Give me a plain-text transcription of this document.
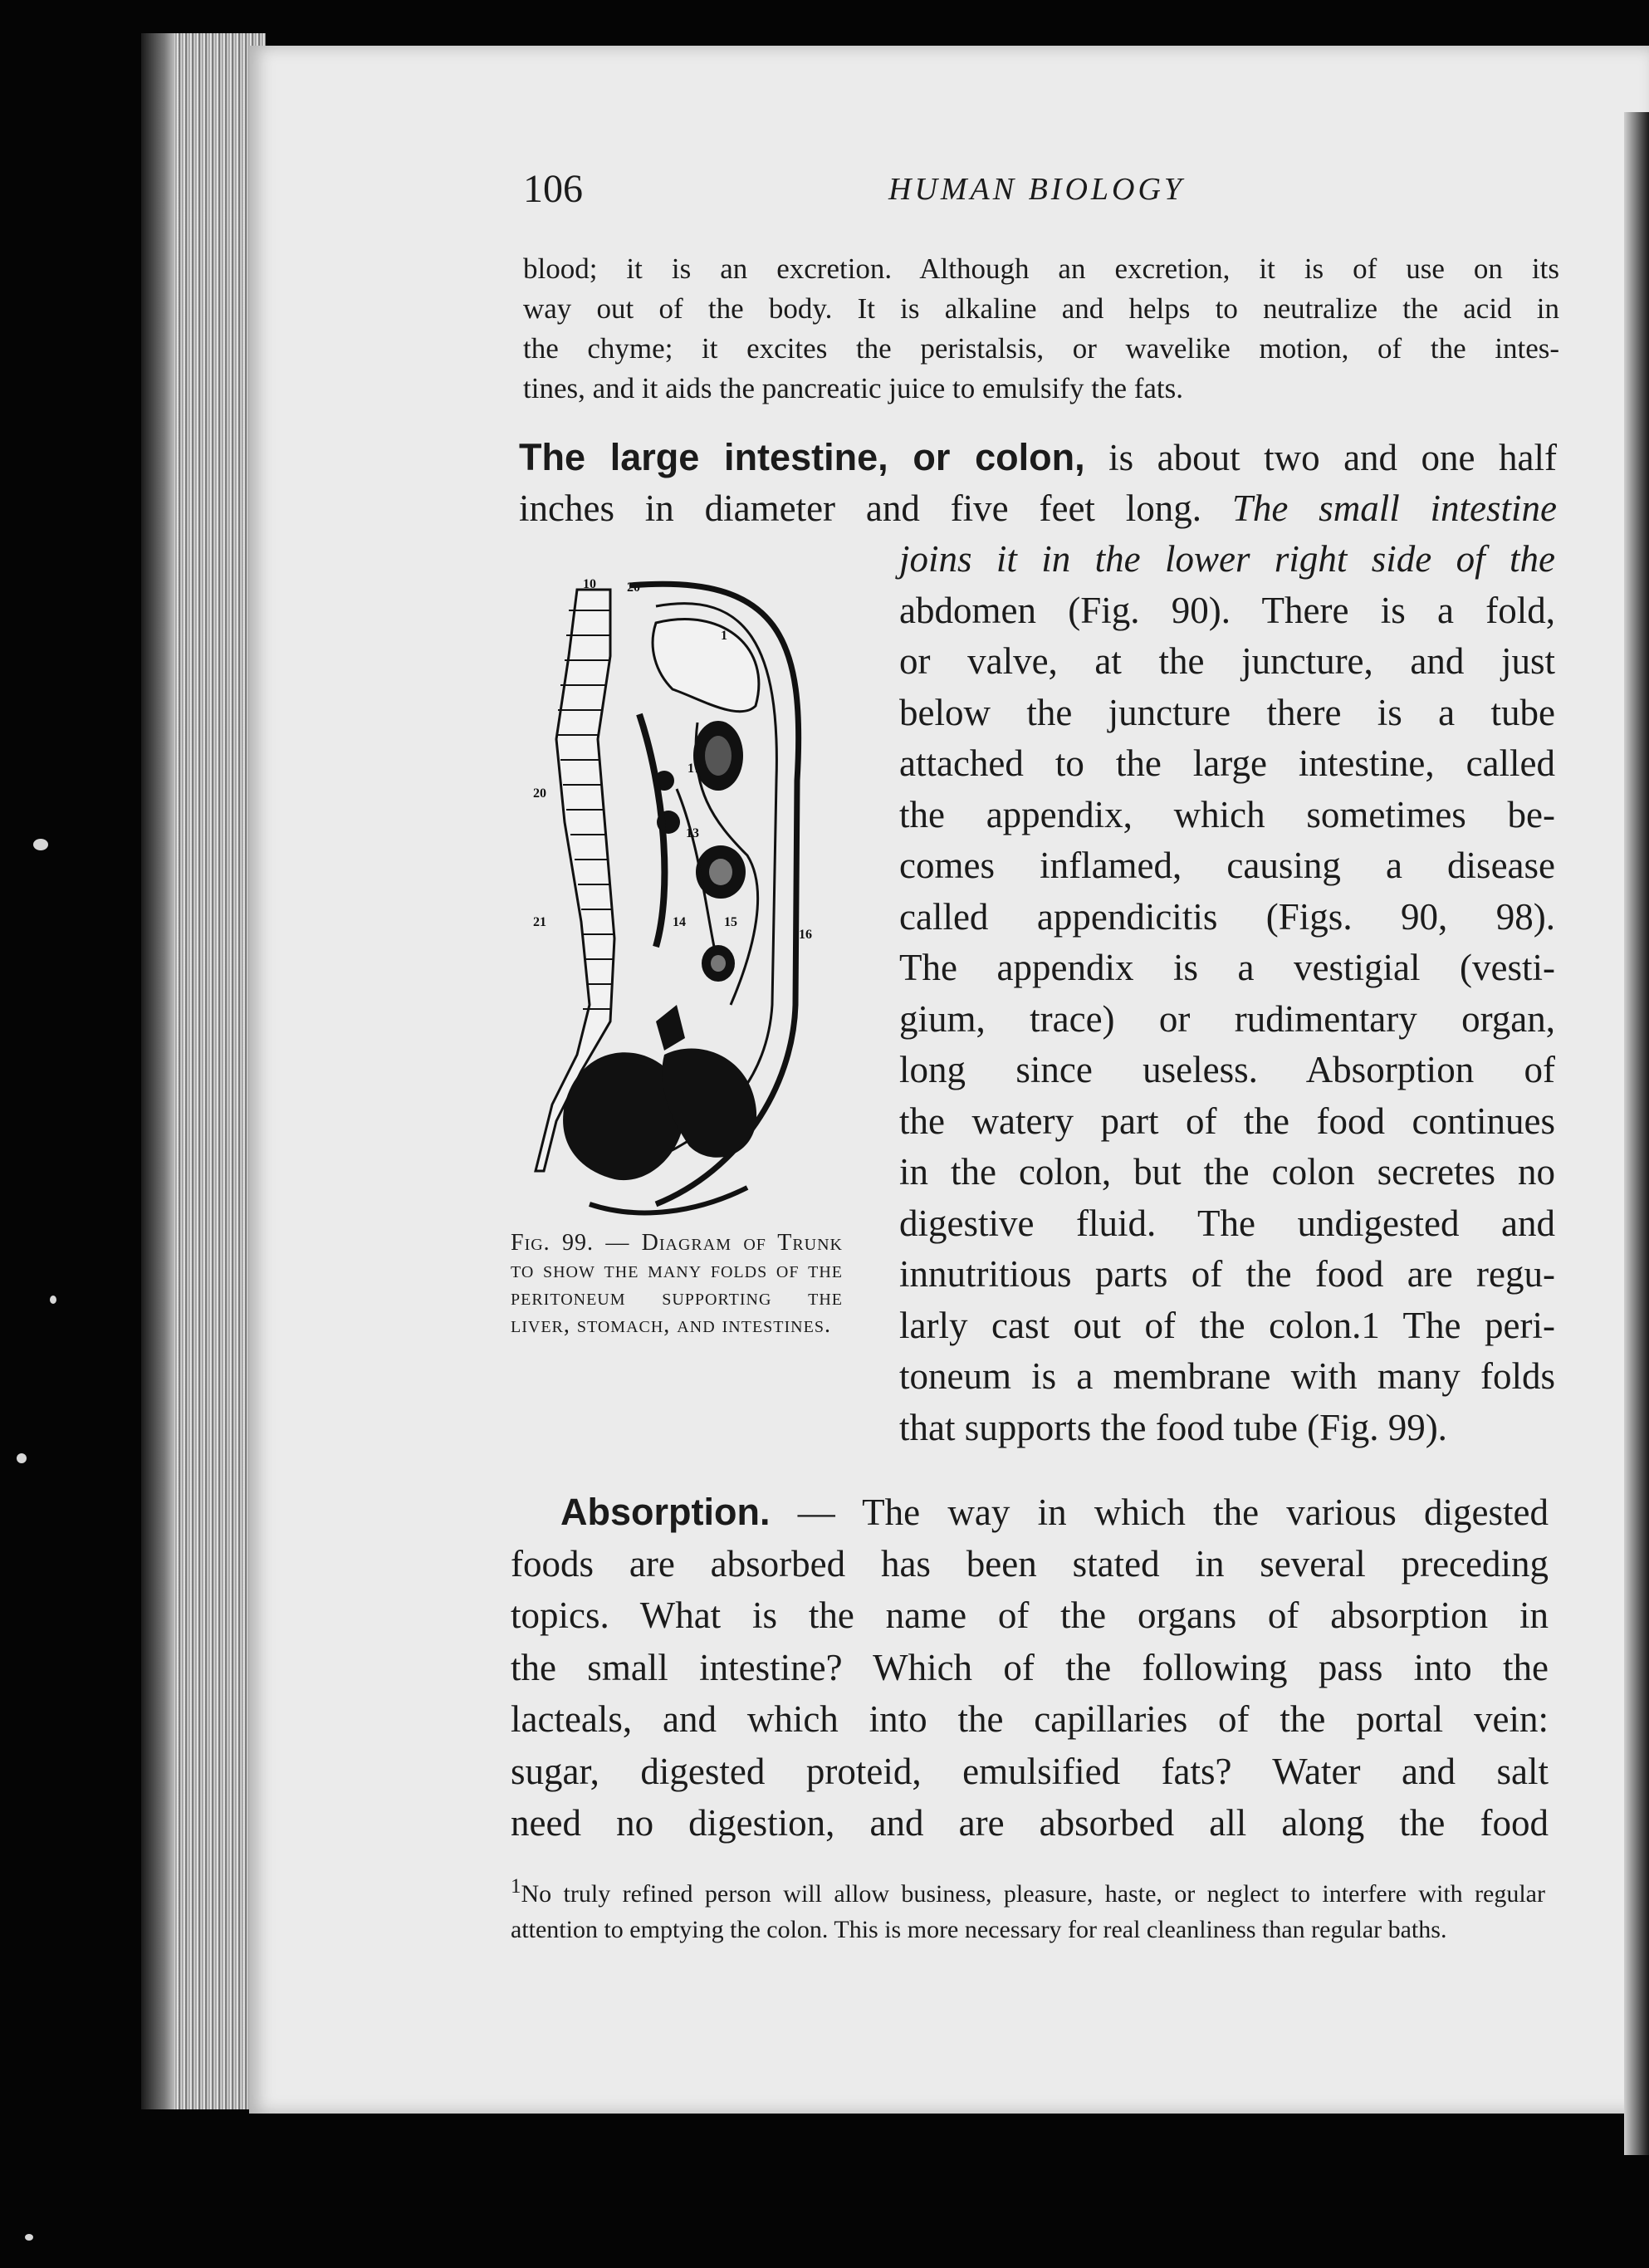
106	HUMAN BIOLOGY
blood; it is an excretion. Although an excretion, it is of use on its
way out of the body. It is alkaline and helps to neutralize the acid in
the chyme; it excites the peristalsis, or wavelike motion, of the intes-
tines, and it aids the pancreatic juice to emulsify the fats.
The large intestine, or colon, is about two and one half
inches in diameter and five feet long. The small intestine
10 20
1
17
20
13
21	14	15
16
Fig. 99. — Diagram of Trunk to show the many folds of the peritoneum supporting the liver, stomach, and intestines.
joins it in the lower right side of the
abdomen (Fig. 90). There is a fold,
or valve, at the juncture, and just
below the juncture there is a tube
attached to the large intestine, called
the appendix, which sometimes be-
comes inflamed, causing a disease
called appendicitis (Figs. 90, 98).
The appendix is a vestigial (vesti-
gium, trace) or rudimentary organ,
long since useless. Absorption of
the watery part of the food continues
in the colon, but the colon secretes no
digestive fluid. The undigested and
innutritious parts of the food are regu-
larly cast out of the colon.1 The peri-
toneum is a membrane with many folds
that supports the food tube (Fig. 99).
Absorption. — The way in which the various digested
foods are absorbed has been stated in several preceding
topics. What is the name of the organs of absorption in
the small intestine? Which of the following pass into the
lacteals, and which into the capillaries of the portal vein:
sugar, digested proteid, emulsified fats? Water and salt
need no digestion, and are absorbed all along the food
$^1$No truly refined person will allow business, pleasure, haste, or neglect to interfere with regular attention to emptying the colon. This is more necessary for real cleanliness than regular baths.
